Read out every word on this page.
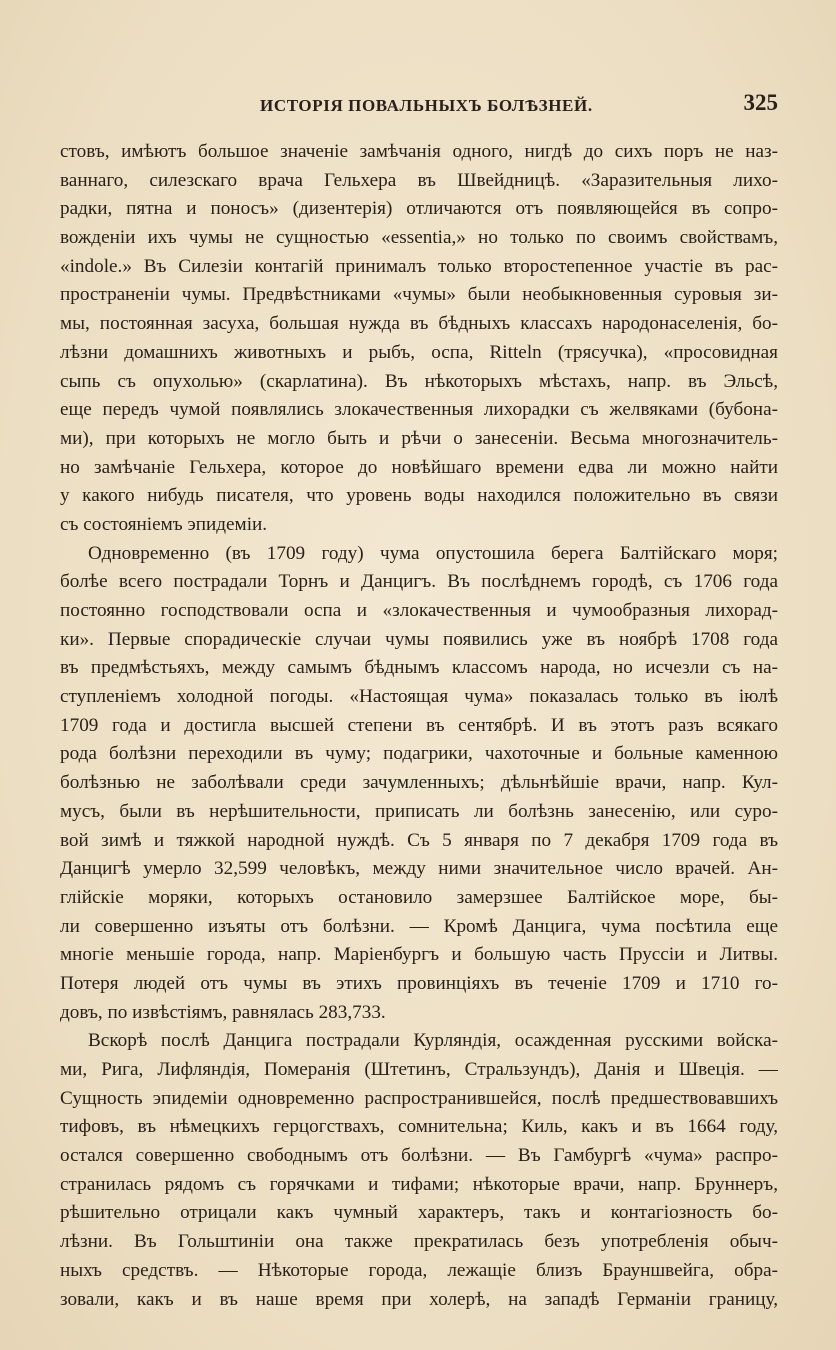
ИСТОРІЯ ПОВАЛЬНЫХЪ БОЛѢЗНЕЙ.	325
стовъ, имѣютъ большое значеніе замѣчанія одного, нигдѣ до сихъ поръ не наз-
ваннаго, силезскаго врача Гельхера въ Швейдницѣ. «Заразительныя лихо-
радки, пятна и поносъ» (дизентерія) отличаются отъ появляющейся въ сопро-
вожденіи ихъ чумы не сущностью «essentia,» но только по своимъ свойствамъ,
«indole.» Въ Силезіи контагій принималъ только второстепенное участіе въ рас-
пространеніи чумы. Предвѣстниками «чумы» были необыкновенныя суровыя зи-
мы, постоянная засуха, большая нужда въ бѣдныхъ классахъ народонаселенія, бо-
лѣзни домашнихъ животныхъ и рыбъ, оспа, Ritteln (трясучка), «просовидная
сыпь съ опухолью» (скарлатина). Въ нѣкоторыхъ мѣстахъ, напр. въ Эльсѣ,
еще передъ чумой появлялись злокачественныя лихорадки съ желвяками (бубона-
ми), при которыхъ не могло быть и рѣчи о занесеніи. Весьма многозначитель-
но замѣчаніе Гельхера, которое до новѣйшаго времени едва ли можно найти
у какого нибудь писателя, что уровень воды находился положительно въ связи
съ состояніемъ эпидеміи.
Одновременно (въ 1709 году) чума опустошила берега Балтійскаго моря;
болѣе всего пострадали Торнъ и Данцигъ. Въ послѣднемъ городѣ, съ 1706 года
постоянно господствовали оспа и «злокачественныя и чумообразныя лихорад-
ки». Первые спорадическіе случаи чумы появились уже въ ноябрѣ 1708 года
въ предмѣстьяхъ, между самымъ бѣднымъ классомъ народа, но исчезли съ на-
ступленіемъ холодной погоды. «Настоящая чума» показалась только въ іюлѣ
1709 года и достигла высшей степени въ сентябрѣ. И въ этотъ разъ всякаго
рода болѣзни переходили въ чуму; подагрики, чахоточные и больные каменною
болѣзнью не заболѣвали среди зачумленныхъ; дѣльнѣйшіе врачи, напр. Кул-
мусъ, были въ нерѣшительности, приписать ли болѣзнь занесенію, или суро-
вой зимѣ и тяжкой народной нуждѣ. Съ 5 января по 7 декабря 1709 года въ
Данцигѣ умерло 32,599 человѣкъ, между ними значительное число врачей. Ан-
глійскіе моряки, которыхъ остановило замерзшее Балтійское море, бы-
ли совершенно изъяты отъ болѣзни. — Кромѣ Данцига, чума посѣтила еще
многіе меньшіе города, напр. Маріенбургъ и большую часть Пруссіи и Литвы.
Потеря людей отъ чумы въ этихъ провинціяхъ въ теченіе 1709 и 1710 го-
довъ, по извѣстіямъ, равнялась 283,733.
Вскорѣ послѣ Данцига пострадали Курляндія, осажденная русскими войска-
ми, Рига, Лифляндія, Померанія (Штетинъ, Стральзундъ), Данія и Швеція. —
Сущность эпидеміи одновременно распространившейся, послѣ предшествовавшихъ
тифовъ, въ нѣмецкихъ герцогствахъ, сомнительна; Киль, какъ и въ 1664 году,
остался совершенно свободнымъ отъ болѣзни. — Въ Гамбургѣ «чума» распро-
странилась рядомъ съ горячками и тифами; нѣкоторые врачи, напр. Бруннеръ,
рѣшительно отрицали какъ чумный характеръ, такъ и контагіозность бо-
лѣзни. Въ Гольштиніи она также прекратилась безъ употребленія обыч-
ныхъ средствъ. — Нѣкоторые города, лежащіе близъ Брауншвейга, обра-
зовали, какъ и въ наше время при холерѣ, на западѣ Германіи границу,
